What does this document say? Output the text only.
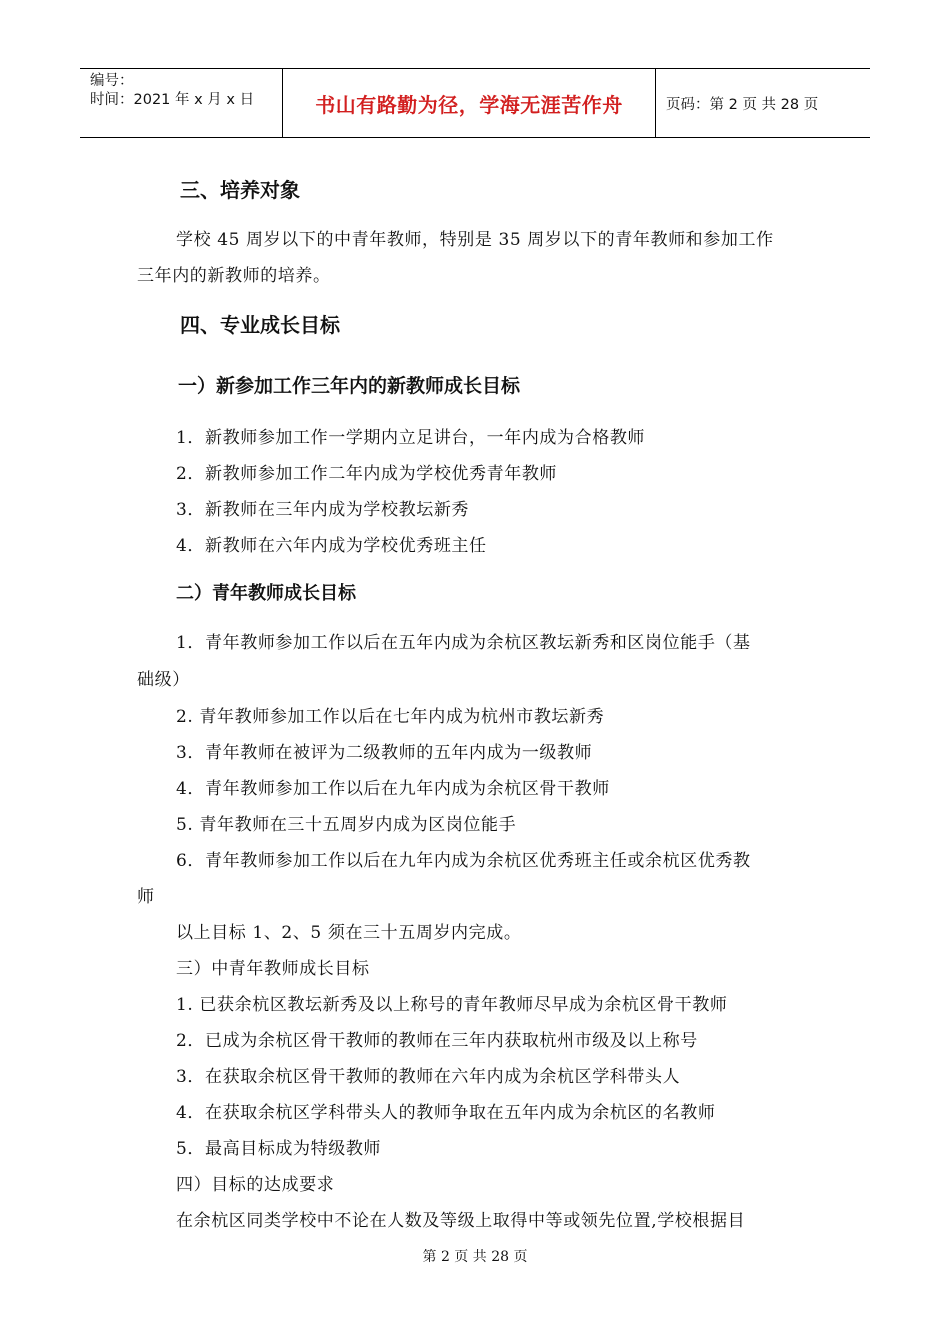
编号：
时间：2021 年 x 月 x 日	书山有路勤为径，学海无涯苦作舟	页码：第 2 页 共 28 页
三、培养对象
学校 45 周岁以下的中青年教师，特别是 35 周岁以下的青年教师和参加工作
三年内的新教师的培养。
四、专业成长目标
一）新参加工作三年内的新教师成长目标
1．新教师参加工作一学期内立足讲台，一年内成为合格教师
2．新教师参加工作二年内成为学校优秀青年教师
3．新教师在三年内成为学校教坛新秀
4．新教师在六年内成为学校优秀班主任
二）青年教师成长目标
1．青年教师参加工作以后在五年内成为余杭区教坛新秀和区岗位能手（基
础级）
2. 青年教师参加工作以后在七年内成为杭州市教坛新秀
3．青年教师在被评为二级教师的五年内成为一级教师
4．青年教师参加工作以后在九年内成为余杭区骨干教师
5. 青年教师在三十五周岁内成为区岗位能手
6．青年教师参加工作以后在九年内成为余杭区优秀班主任或余杭区优秀教
师
以上目标 1、2、5 须在三十五周岁内完成。
三）中青年教师成长目标
1. 已获余杭区教坛新秀及以上称号的青年教师尽早成为余杭区骨干教师
2．已成为余杭区骨干教师的教师在三年内获取杭州市级及以上称号
3．在获取余杭区骨干教师的教师在六年内成为余杭区学科带头人
4．在获取余杭区学科带头人的教师争取在五年内成为余杭区的名教师
5．最高目标成为特级教师
四）目标的达成要求
在余杭区同类学校中不论在人数及等级上取得中等或领先位置,学校根据目
第 2 页 共 28 页
